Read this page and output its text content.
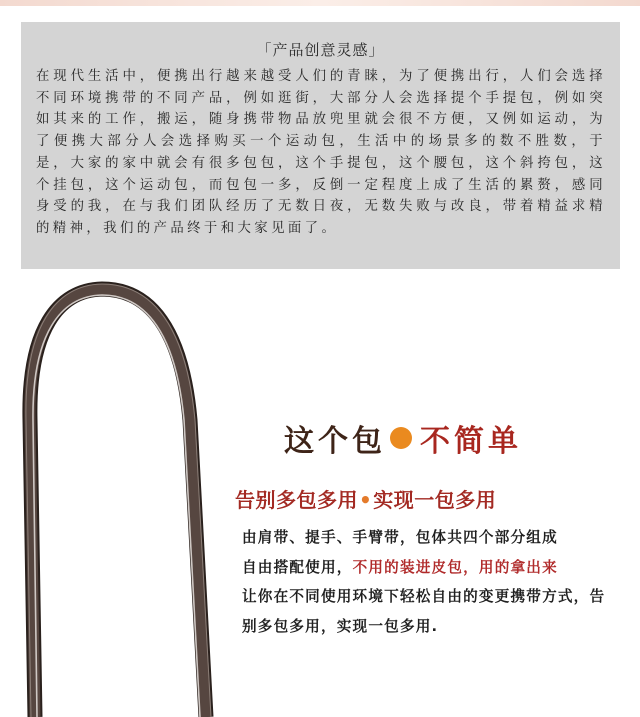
「产品创意灵感」

在现代生活中，便携出行越来越受人们的青睐，为了便携出行，人们会选择不同环境携带的不同产品，例如逛街，大部分人会选择提个手提包，例如突如其来的工作，搬运，随身携带物品放兜里就会很不方便，又例如运动，为了便携大部分人会选择购买一个运动包，生活中的场景多的数不胜数，于是，大家的家中就会有很多包包，这个手提包，这个腰包，这个斜挎包，这个挂包，这个运动包，而包包一多，反倒一定程度上成了生活的累赘，感同身受的我，在与我们团队经历了无数日夜，无数失败与改良，带着精益求精的精神，我们的产品终于和大家见面了。

这个包 不简单
告别多包多用•实现一包多用

由肩带、提手、手臂带，包体共四个部分组成
自由搭配使用，不用的装进皮包，用的拿出来
让你在不同使用环境下轻松自由的变更携带方式，告别多包多用，实现一包多用.
